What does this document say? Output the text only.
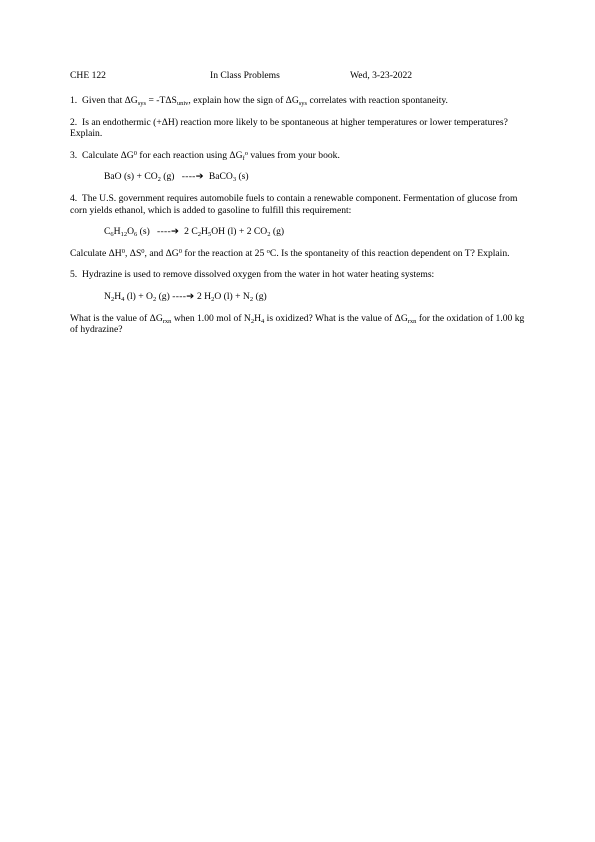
CHE 122	In Class Problems	Wed, 3-23-2022

1. Given that $\Delta G_{sys} = -T\Delta S_{univ}$, explain how the sign of $\Delta G_{sys}$ correlates with reaction spontaneity.

2. Is an endothermic (+ΔH) reaction more likely to be spontaneous at higher temperatures or lower temperatures? Explain.

3. Calculate $\Delta G^0$ for each reaction using $\Delta G_f^o$ values from your book.

BaO $(s) + CO_2$ (g) ----➔ BaCO$_3$ (s)

4. The U.S. government requires automobile fuels to contain a renewable component. Fermentation of glucose from corn yields ethanol, which is added to gasoline to fulfill this requirement:

$C_6H_{12}O_6$ (s) ----➔ 2 $C_2H_5OH$ (l) + 2 $CO_2$ (g)

Calculate $\Delta H^0$, $\Delta S^0$, and $\Delta G^0$ for the reaction at 25 $^o$C. Is the spontaneity of this reaction dependent on T? Explain.

5. Hydrazine is used to remove dissolved oxygen from the water in hot water heating systems:

$N_2H_4$ $(l) + O_2$ (g) ----➔ 2 $H_2O$ $(l) + N_2$ (g)

What is the value of $\Delta G_{rxn}$ when 1.00 mol of $N_2H_4$ is oxidized? What is the value of $\Delta G_{rxn}$ for the oxidation of 1.00 kg of hydrazine?
